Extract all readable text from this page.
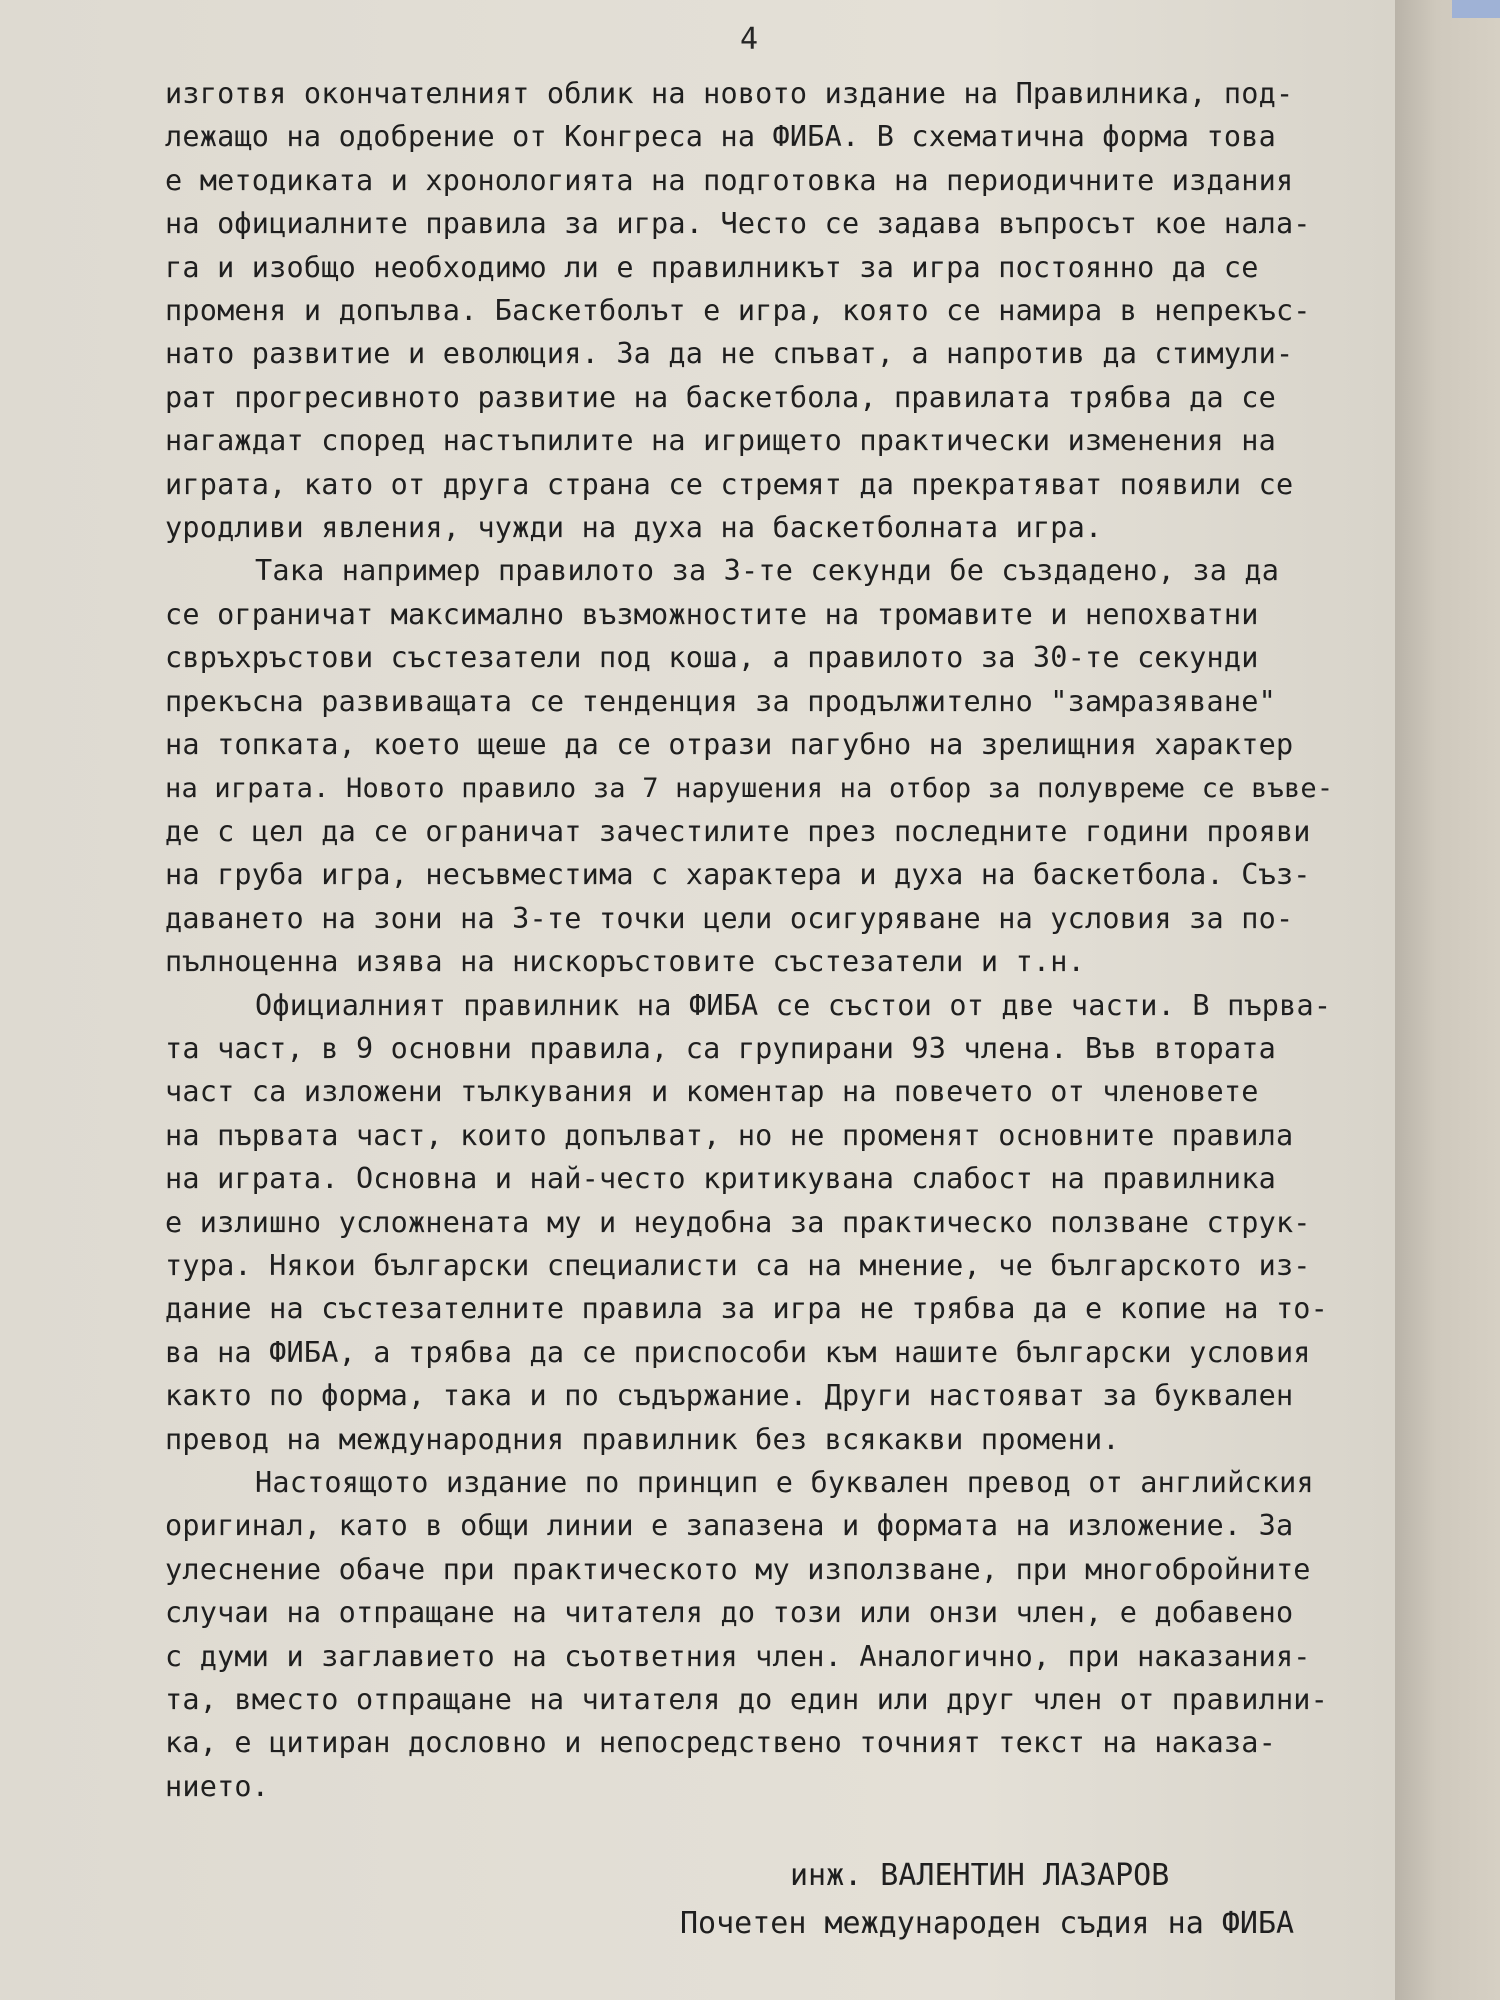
4
изготвя окончателният облик на новото издание на Правилника, под-
лежащо на одобрение от Конгреса на ФИБА. В схематична форма това
е методиката и хронологията на подготовка на периодичните издания
на официалните правила за игра. Често се задава въпросът кое нала-
га и изобщо необходимо ли е правилникът за игра постоянно да се
променя и допълва. Баскетболът е игра, която се намира в непрекъс-
нато развитие и еволюция. За да не спъват, а напротив да стимули-
рат прогресивното развитие на баскетбола, правилата трябва да се
нагаждат според настъпилите на игрището практически изменения на
играта, като от друга страна се стремят да прекратяват появили се
уродливи явления, чужди на духа на баскетболната игра.
Така например правилото за 3-те секунди бе създадено, за да
се ограничат максимално възможностите на тромавите и непохватни
свръхръстови състезатели под коша, а правилото за 30-те секунди
прекъсна развиващата се тенденция за продължително "замразяване"
на топката, което щеше да се отрази пагубно на зрелищния характер
на играта. Новото правило за 7 нарушения на отбор за полувреме се въве-
де с цел да се ограничат зачестилите през последните години прояви
на груба игра, несъвместима с характера и духа на баскетбола. Съз-
даването на зони на 3-те точки цели осигуряване на условия за по-
пълноценна изява на нискоръстовите състезатели и т.н.
Официалният правилник на ФИБА се състои от две части. В първа-
та част, в 9 основни правила, са групирани 93 члена. Във втората
част са изложени тълкувания и коментар на повечето от членовете
на първата част, които допълват, но не променят основните правила
на играта. Основна и най-често критикувана слабост на правилника
е излишно усложнената му и неудобна за практическо ползване струк-
тура. Някои български специалисти са на мнение, че българското из-
дание на състезателните правила за игра не трябва да е копие на то-
ва на ФИБА, а трябва да се приспособи към нашите български условия
както по форма, така и по съдържание. Други настояват за буквален
превод на международния правилник без всякакви промени.
Настоящото издание по принцип е буквален превод от английския
оригинал, като в общи линии е запазена и формата на изложение. За
улеснение обаче при практическото му използване, при многобройните
случаи на отпращане на читателя до този или онзи член, е добавено
с думи и заглавието на съответния член. Аналогично, при наказания-
та, вместо отпращане на читателя до един или друг член от правилни-
ка, е цитиран дословно и непосредствено точният текст на наказа-
нието.
инж. ВАЛЕНТИН ЛАЗАРОВ
Почетен международен съдия на ФИБА
